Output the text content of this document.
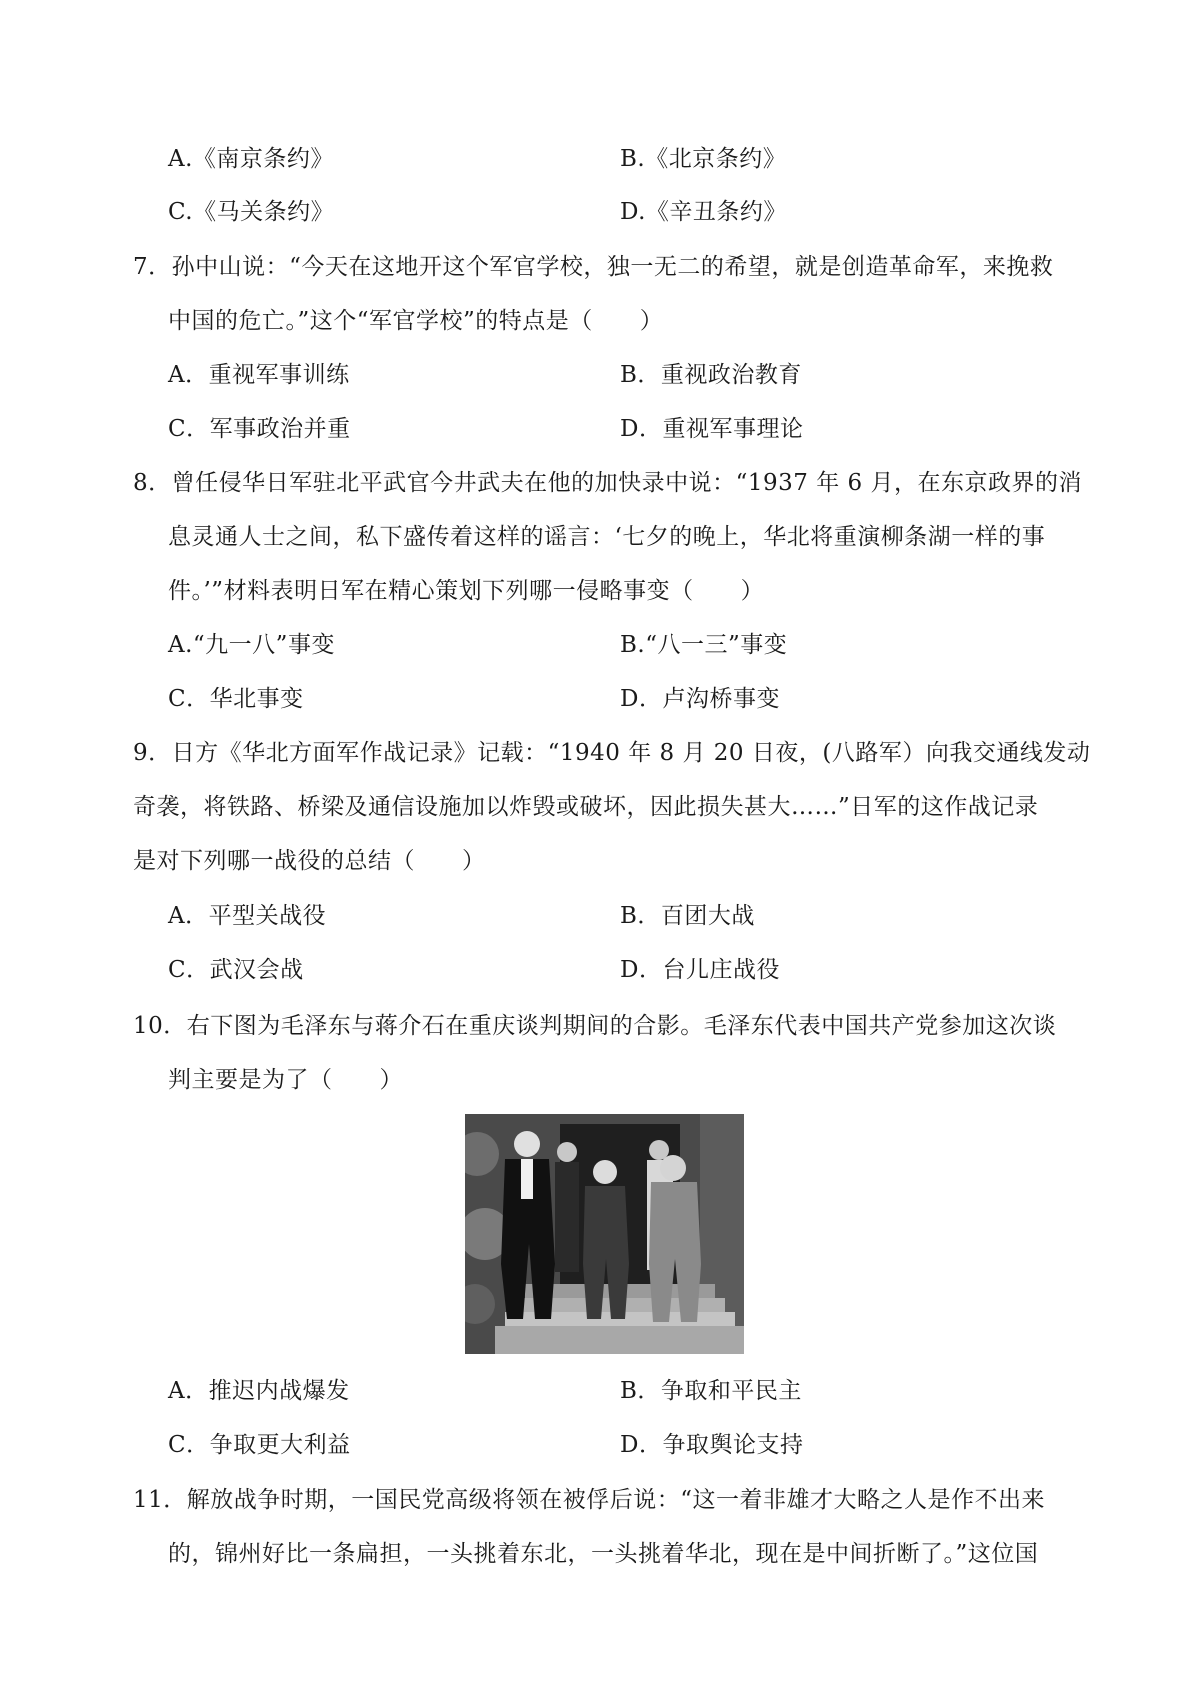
A.《南京条约》	B.《北京条约》
C.《马关条约》	D.《辛丑条约》
7．孙中山说：“今天在这地开这个军官学校，独一无二的希望，就是创造革命军，来挽救
中国的危亡。”这个“军官学校”的特点是（　　）
A．重视军事训练	B．重视政治教育
C．军事政治并重	D．重视军事理论
8．曾任侵华日军驻北平武官今井武夫在他的加快录中说：“1937 年 6 月，在东京政界的消
息灵通人士之间，私下盛传着这样的谣言：‘七夕的晚上，华北将重演柳条湖一样的事
件。’”材料表明日军在精心策划下列哪一侵略事变（　　）
A.“九一八”事变	B.“八一三”事变
C．华北事变	D．卢沟桥事变
9．日方《华北方面军作战记录》记载：“1940 年 8 月 20 日夜，(八路军）向我交通线发动
奇袭，将铁路、桥梁及通信设施加以炸毁或破坏，因此损失甚大……”日军的这作战记录
是对下列哪一战役的总结（　　）
A．平型关战役	B．百团大战
C．武汉会战	D．台儿庄战役
10．右下图为毛泽东与蒋介石在重庆谈判期间的合影。毛泽东代表中国共产党参加这次谈
判主要是为了（　　）
A．推迟内战爆发	B．争取和平民主
C．争取更大利益	D．争取舆论支持
11．解放战争时期，一国民党高级将领在被俘后说：“这一着非雄才大略之人是作不出来
的，锦州好比一条扁担，一头挑着东北，一头挑着华北，现在是中间折断了。”这位国
